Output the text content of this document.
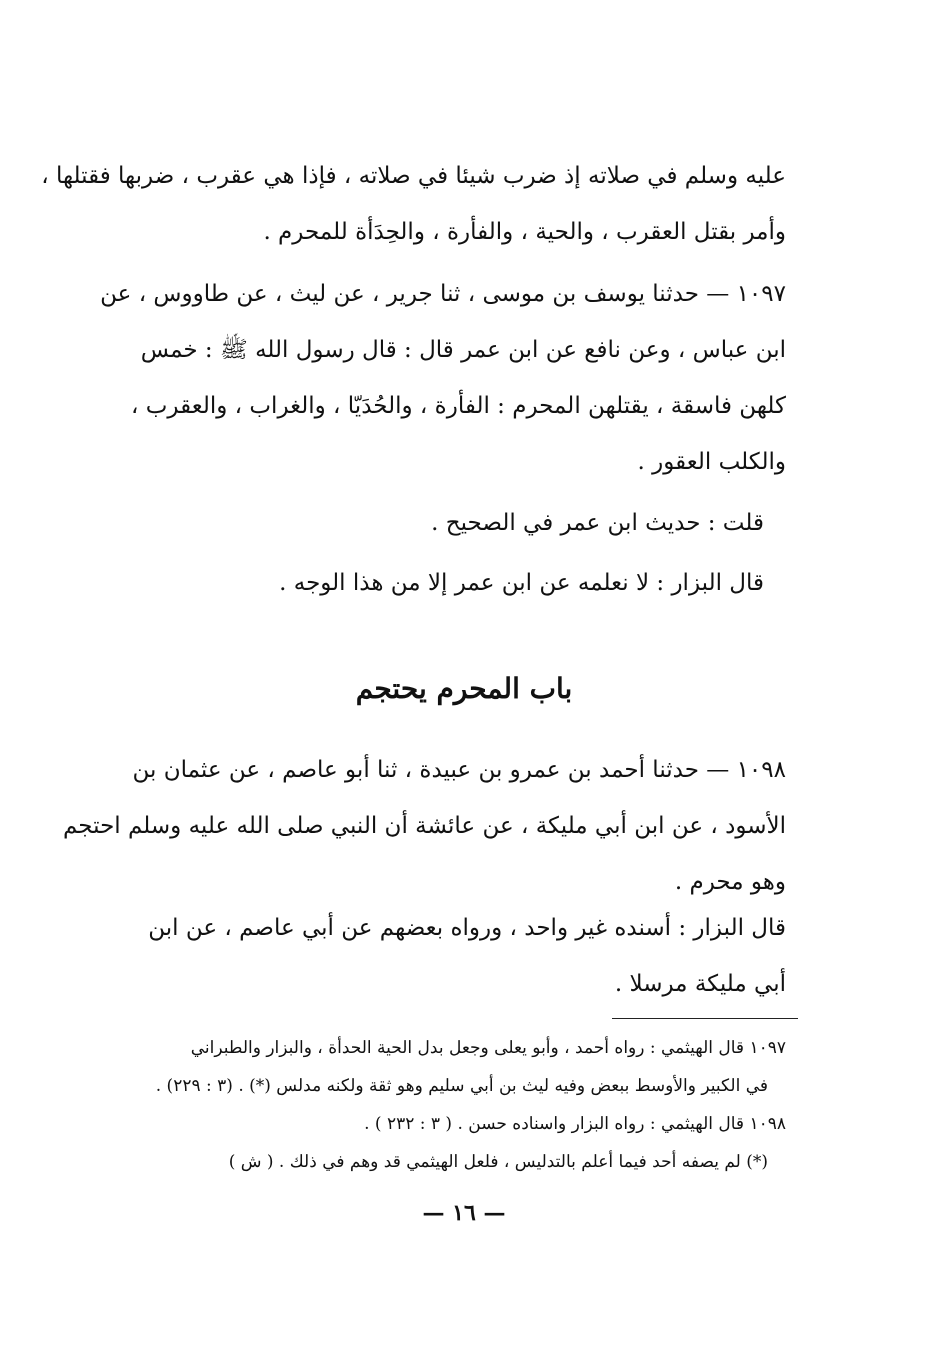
عليه وسلم في صلاته إذ ضرب شيئا في صلاته ، فإذا هي عقرب ، ضربها فقتلها ،
وأمر بقتل العقرب ، والحية ، والفأرة ، والحِدَأة للمحرم .
١٠٩٧ — حدثنا يوسف بن موسى ، ثنا جرير ، عن ليث ، عن طاووس ، عن
ابن عباس ، وعن نافع عن ابن عمر قال : قال رسول الله ﷺ : خمس
كلهن فاسقة ، يقتلهن المحرم : الفأرة ، والحُدَيّا ، والغراب ، والعقرب ،
والكلب العقور .
قلت : حديث ابن عمر في الصحيح .
قال البزار : لا نعلمه عن ابن عمر إلا من هذا الوجه .
باب المحرم يحتجم
١٠٩٨ — حدثنا أحمد بن عمرو بن عبيدة ، ثنا أبو عاصم ، عن عثمان بن
الأسود ، عن ابن أبي مليكة ، عن عائشة أن النبي صلى الله عليه وسلم احتجم
وهو محرم .
قال البزار : أسنده غير واحد ، ورواه بعضهم عن أبي عاصم ، عن ابن
أبي مليكة مرسلا .
١٠٩٧ قال الهيثمي : رواه أحمد ، وأبو يعلى وجعل بدل الحية الحدأة ، والبزار والطبراني
في الكبير والأوسط ببعض وفيه ليث بن أبي سليم وهو ثقة ولكنه مدلس (*) . (٣ : ٢٢٩) .
١٠٩٨ قال الهيثمي : رواه البزار واسناده حسن . ( ٣ : ٢٣٢ ) .
(*) لم يصفه أحد فيما أعلم بالتدليس ، فلعل الهيثمي قد وهم في ذلك . ( ش )
— ١٦ —
